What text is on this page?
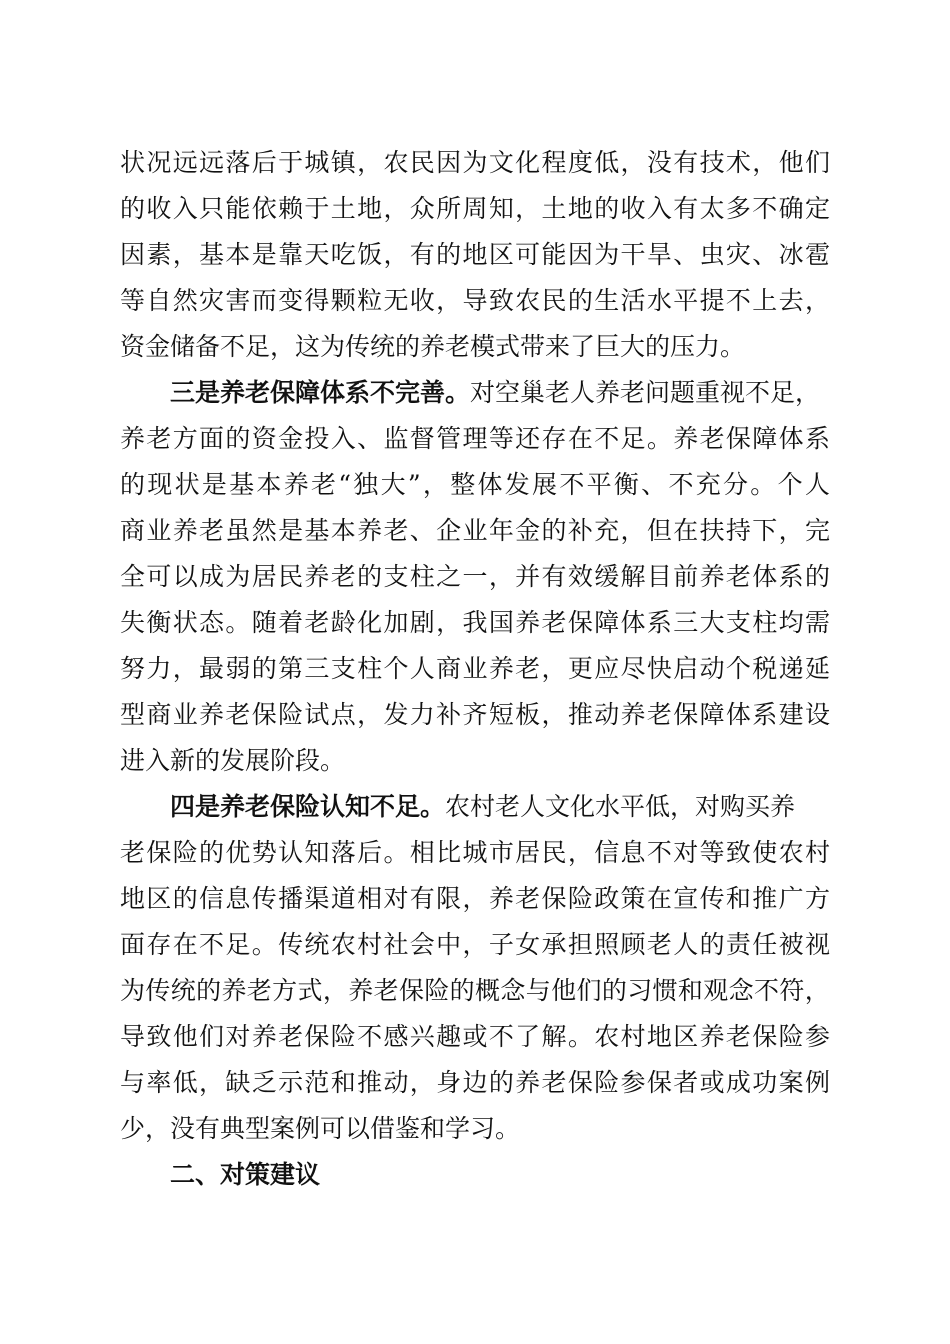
状 况 远 远 落 后 于 城 镇 ， 农 民 因 为 文 化 程 度 低 ， 没 有 技 术 ， 他 们
的 收 入 只 能 依 赖 于 土 地 ， 众 所 周 知 ， 土 地 的 收 入 有 太 多 不 确 定
因 素 ， 基 本 是 靠 天 吃 饭 ， 有 的 地 区 可 能 因 为 干 旱 、 虫 灾 、 冰 雹
等 自 然 灾 害 而 变 得 颗 粒 无 收 ， 导 致 农 民 的 生 活 水 平 提 不 上 去 ，
资金储备不足，这为传统的养老模式带来了巨大的压力。
三是养老保障体系不完善。 对空巢老人养老问题重视不足，
养 老 方 面 的 资 金 投 入 、 监 督 管 理 等 还 存 在 不 足 。 养 老 保 障 体 系
的 现 状 是 基 本 养 老 “ 独 大 ” ， 整 体 发 展 不 平 衡 、 不 充 分 。 个 人
商 业 养 老 虽 然 是 基 本 养 老 、 企 业 年 金 的 补 充 ， 但 在 扶 持 下 ， 完
全 可 以 成 为 居 民 养 老 的 支 柱 之 一 ， 并 有 效 缓 解 目 前 养 老 体 系 的
失 衡 状 态 。 随 着 老 龄 化 加 剧 ， 我 国 养 老 保 障 体 系 三 大 支 柱 均 需
努 力 ， 最 弱 的 第 三 支 柱 个 人 商 业 养 老 ， 更 应 尽 快 启 动 个 税 递 延
型 商 业 养 老 保 险 试 点 ， 发 力 补 齐 短 板 ， 推 动 养 老 保 障 体 系 建 设
进入新的发展阶段。
四是养老保险认知不足。 农村老人文化水平低，对购买养
老 保 险 的 优 势 认 知 落 后 。 相 比 城 市 居 民 ， 信 息 不 对 等 致 使 农 村
地 区 的 信 息 传 播 渠 道 相 对 有 限 ， 养 老 保 险 政 策 在 宣 传 和 推 广 方
面 存 在 不 足 。 传 统 农 村 社 会 中 ， 子 女 承 担 照 顾 老 人 的 责 任 被 视
为 传 统 的 养 老 方 式 ， 养 老 保 险 的 概 念 与 他 们 的 习 惯 和 观 念 不 符 ，
导 致 他 们 对 养 老 保 险 不 感 兴 趣 或 不 了 解 。 农 村 地 区 养 老 保 险 参
与 率 低 ， 缺 乏 示 范 和 推 动 ， 身 边 的 养 老 保 险 参 保 者 或 成 功 案 例
少，没有典型案例可以借鉴和学习。
二、对策建议
